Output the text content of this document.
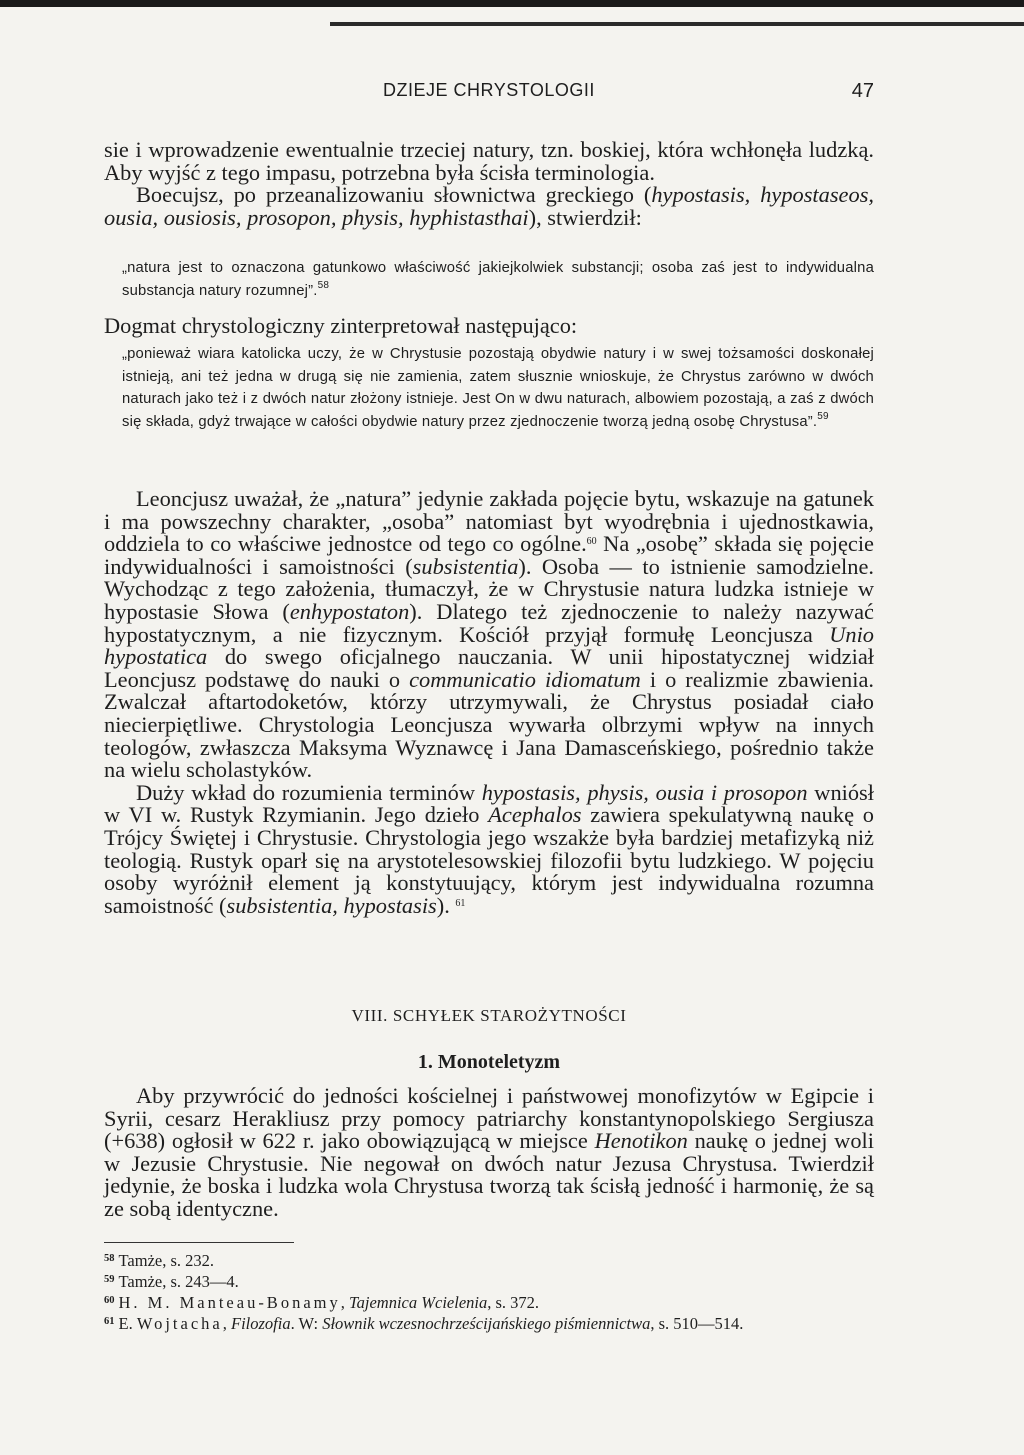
DZIEJE CHRYSTOLOGII	47

sie i wprowadzenie ewentualnie trzeciej natury, tzn. boskiej, która wchłonęła ludzką. Aby wyjść z tego impasu, potrzebna była ścisła terminologia.

Boecujsz, po przeanalizowaniu słownictwa greckiego (hypostasis, hypostaseos, ousia, ousiosis, prosopon, physis, hyphistasthai), stwierdził:

„natura jest to oznaczona gatunkowo właściwość jakiejkolwiek substancji; osoba zaś jest to indywidualna substancja natury rozumnej”.$^{58}$

Dogmat chrystologiczny zinterpretował następująco:

„ponieważ wiara katolicka uczy, że w Chrystusie pozostają obydwie natury i w swej tożsamości doskonałej istnieją, ani też jedna w drugą się nie zamienia, zatem słusznie wnioskuje, że Chrystus zarówno w dwóch naturach jako też i z dwóch natur złożony istnieje. Jest On w dwu naturach, albowiem pozostają, a zaś z dwóch się składa, gdyż trwające w całości obydwie natury przez zjednoczenie tworzą jedną osobę Chrystusa”.$^{59}$

Leoncjusz uważał, że „natura” jedynie zakłada pojęcie bytu, wskazuje na gatunek i ma powszechny charakter, „osoba” natomiast byt wyodrębnia i ujednostkawia, oddziela to co właściwe jednostce od tego co ogólne.$^{60}$ Na „osobę” składa się pojęcie indywidualności i samoistności (subsistentia). Osoba — to istnienie samodzielne. Wychodząc z tego założenia, tłumaczył, że w Chrystusie natura ludzka istnieje w hypostasie Słowa (enhypostaton). Dlatego też zjednoczenie to należy nazywać hypostatycznym, a nie fizycznym. Kościół przyjął formułę Leoncjusza Unio hypostatica do swego oficjalnego nauczania. W unii hipostatycznej widział Leoncjusz podstawę do nauki o communicatio idiomatum i o realizmie zbawienia. Zwalczał aftartodoketów, którzy utrzymywali, że Chrystus posiadał ciało niecierpiętliwe. Chrystologia Leoncjusza wywarła olbrzymi wpływ na innych teologów, zwłaszcza Maksyma Wyznawcę i Jana Damasceńskiego, pośrednio także na wielu scholastyków.

Duży wkład do rozumienia terminów hypostasis, physis, ousia i prosopon wniósł w VI w. Rustyk Rzymianin. Jego dzieło Acephalos zawiera spekulatywną naukę o Trójcy Świętej i Chrystusie. Chrystologia jego wszakże była bardziej metafizyką niż teologią. Rustyk oparł się na arystotelesowskiej filozofii bytu ludzkiego. W pojęciu osoby wyróżnił element ją konstytuujący, którym jest indywidualna rozumna samoistność (subsistentia, hypostasis). $^{61}$

VIII. SCHYŁEK STAROŻYTNOŚCI

1. Monoteletyzm

Aby przywrócić do jedności kościelnej i państwowej monofizytów w Egipcie i Syrii, cesarz Herakliusz przy pomocy patriarchy konstantynopolskiego Sergiusza (+638) ogłosił w 622 r. jako obowiązującą w miejsce Henotikon naukę o jednej woli w Jezusie Chrystusie. Nie negował on dwóch natur Jezusa Chrystusa. Twierdził jedynie, że boska i ludzka wola Chrystusa tworzą tak ścisłą jedność i harmonię, że są ze sobą identyczne.

$^{58}$ Tamże, s. 232.

$^{59}$ Tamże, s. 243—4.

$^{60}$ H. M. Manteau-Bonamy, Tajemnica Wcielenia, s. 372.

$^{61}$ E. Wojtacha, Filozofia. W: Słownik wczesnochrześcijańskiego piśmiennictwa, s. 510—514.
